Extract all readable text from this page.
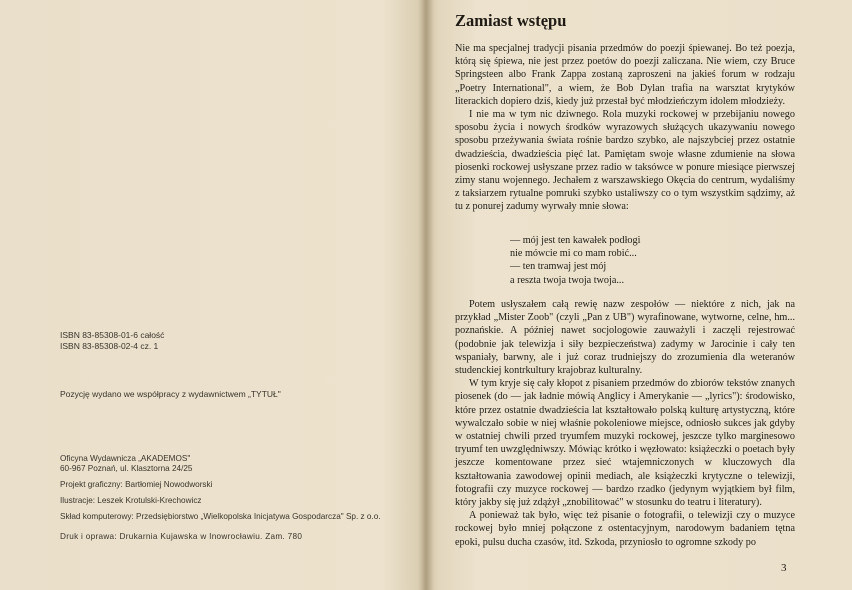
ISBN 83-85308-01-6 całość
ISBN 83-85308-02-4 cz. 1
Pozycję wydano we współpracy z wydawnictwem „TYTUŁ"
Oficyna Wydawnicza „AKADEMOS"
60-967 Poznań, ul. Klasztorna 24/25
Projekt graficzny: Bartłomiej Nowodworski
Ilustracje: Leszek Krotulski-Krechowicz
Skład komputerowy: Przedsiębiorstwo „Wielkopolska Inicjatywa Gospodarcza" Sp. z o.o.
Druk i oprawa: Drukarnia Kujawska w Inowrocławiu. Zam. 780
Zamiast wstępu

Nie ma specjalnej tradycji pisania przedmów do poezji śpiewanej. Bo też poezja, którą się śpiewa, nie jest przez poetów do poezji zaliczana. Nie wiem, czy Bruce Springsteen albo Frank Zappa zostaną zaproszeni na jakieś forum w rodzaju „Poetry International", a wiem, że Bob Dylan trafia na warsztat krytyków literackich dopiero dziś, kiedy już przestał być młodzieńczym idolem młodzieży.

I nie ma w tym nic dziwnego. Rola muzyki rockowej w przebijaniu nowego sposobu życia i nowych środków wyrazowych służących ukazywaniu nowego sposobu przeżywania świata rośnie bardzo szybko, ale najszybciej przez ostatnie dwadzieścia, dwadzieścia pięć lat. Pamiętam swoje własne zdumienie na słowa piosenki rockowej usłyszane przez radio w taksówce w ponure miesiące pierwszej zimy stanu wojennego. Jechałem z warszawskiego Okęcia do centrum, wydaliśmy z taksiarzem rytualne pomruki szybko ustaliwszy co o tym wszystkim sądzimy, aż tu z ponurej zadumy wyrwały mnie słowa:

— mój jest ten kawałek podłogi
nie mówcie mi co mam robić...
— ten tramwaj jest mój
a reszta twoja twoja twoja...

Potem usłyszałem całą rewię nazw zespołów — niektóre z nich, jak na przykład „Mister Zoob" (czyli „Pan z UB") wyrafinowane, wytworne, celne, hm... poznańskie. A później nawet socjologowie zauważyli i zaczęli rejestrować (podobnie jak telewizja i siły bezpieczeństwa) zadymy w Jarocinie i cały ten wspaniały, barwny, ale i już coraz trudniejszy do zrozumienia dla weteranów studenckiej kontrkultury krajobraz kulturalny.

W tym kryje się cały kłopot z pisaniem przedmów do zbiorów tekstów znanych piosenek (do — jak ładnie mówią Anglicy i Amerykanie — „lyrics"): środowisko, które przez ostatnie dwadzieścia lat kształtowało polską kulturę artystyczną, które wywalczało sobie w niej właśnie pokoleniowe miejsce, odniosło sukces jak gdyby w ostatniej chwili przed tryumfem muzyki rockowej, jeszcze tylko marginesowo tryumf ten uwzględniwszy. Mówiąc krótko i węzłowato: książeczki o poetach były jeszcze komentowane przez sieć wtajemniczonych w kluczowych dla kształtowania zawodowej opinii mediach, ale książeczki krytyczne o telewizji, fotografii czy muzyce rockowej — bardzo rzadko (jedynym wyjątkiem był film, który jakby się już zdążył „znobilitować" w stosunku do teatru i literatury).

A ponieważ tak było, więc też pisanie o fotografii, o telewizji czy o muzyce rockowej było mniej połączone z ostentacyjnym, narodowym badaniem tętna epoki, pulsu ducha czasów, itd. Szkoda, przyniosło to ogromne szkody po

3
